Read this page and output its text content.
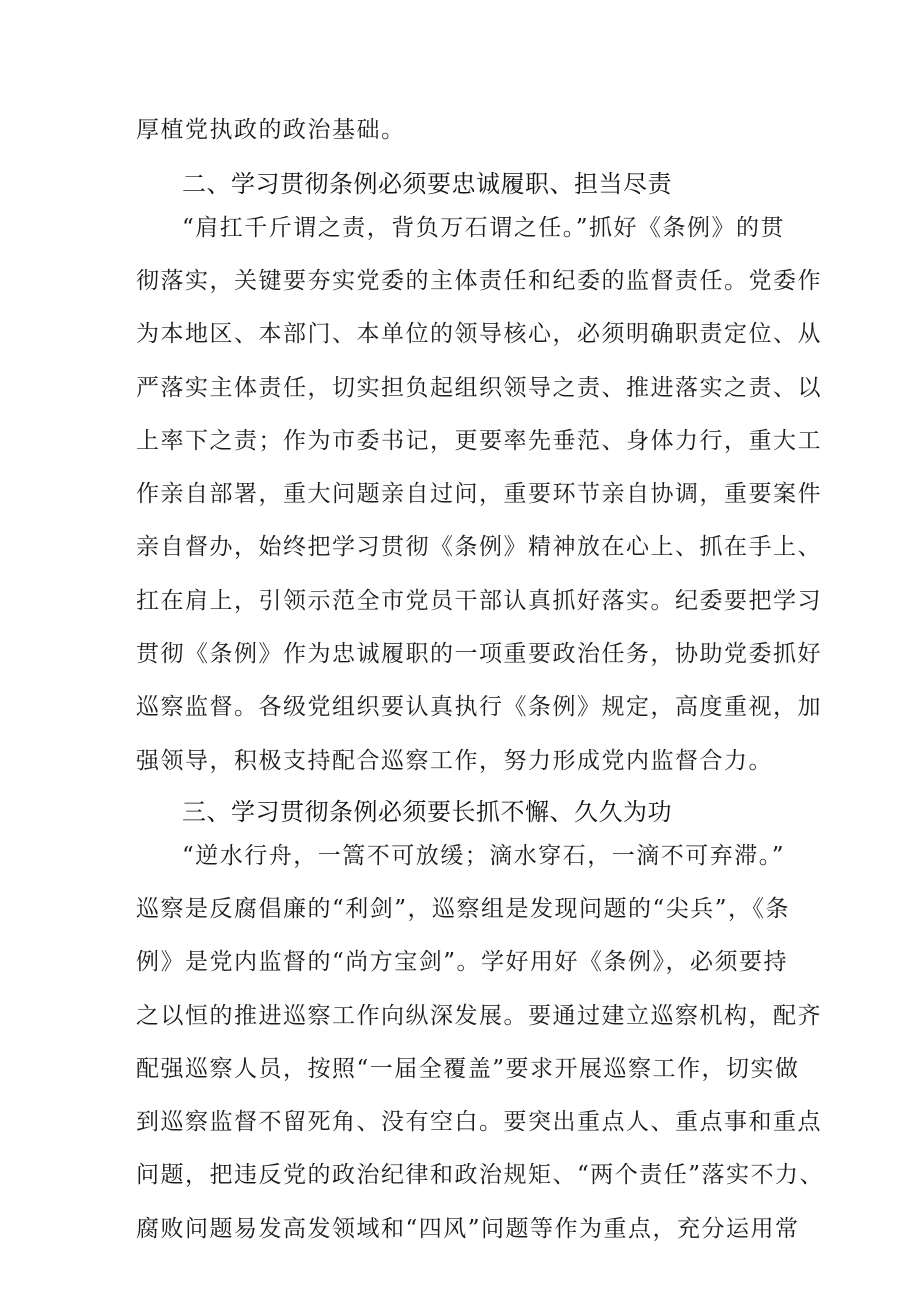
厚植党执政的政治基础。
二、学习贯彻条例必须要忠诚履职、担当尽责
“肩扛千斤谓之责，背负万石谓之任。”抓好《条例》的贯
彻落实，关键要夯实党委的主体责任和纪委的监督责任。党委作
为本地区、本部门、本单位的领导核心，必须明确职责定位、从
严落实主体责任，切实担负起组织领导之责、推进落实之责、以
上率下之责；作为市委书记，更要率先垂范、身体力行，重大工
作亲自部署，重大问题亲自过问，重要环节亲自协调，重要案件
亲自督办，始终把学习贯彻《条例》精神放在心上、抓在手上、
扛在肩上，引领示范全市党员干部认真抓好落实。纪委要把学习
贯彻《条例》作为忠诚履职的一项重要政治任务，协助党委抓好
巡察监督。各级党组织要认真执行《条例》规定，高度重视，加
强领导，积极支持配合巡察工作，努力形成党内监督合力。
三、学习贯彻条例必须要长抓不懈、久久为功
“逆水行舟，一篙不可放缓；滴水穿石，一滴不可弃滞。”
巡察是反腐倡廉的“利剑”，巡察组是发现问题的“尖兵”，《条
例》是党内监督的“尚方宝剑”。学好用好《条例》，必须要持
之以恒的推进巡察工作向纵深发展。要通过建立巡察机构，配齐
配强巡察人员，按照“一届全覆盖”要求开展巡察工作，切实做
到巡察监督不留死角、没有空白。要突出重点人、重点事和重点
问题，把违反党的政治纪律和政治规矩、“两个责任”落实不力、
腐败问题易发高发领域和“四风”问题等作为重点，充分运用常
